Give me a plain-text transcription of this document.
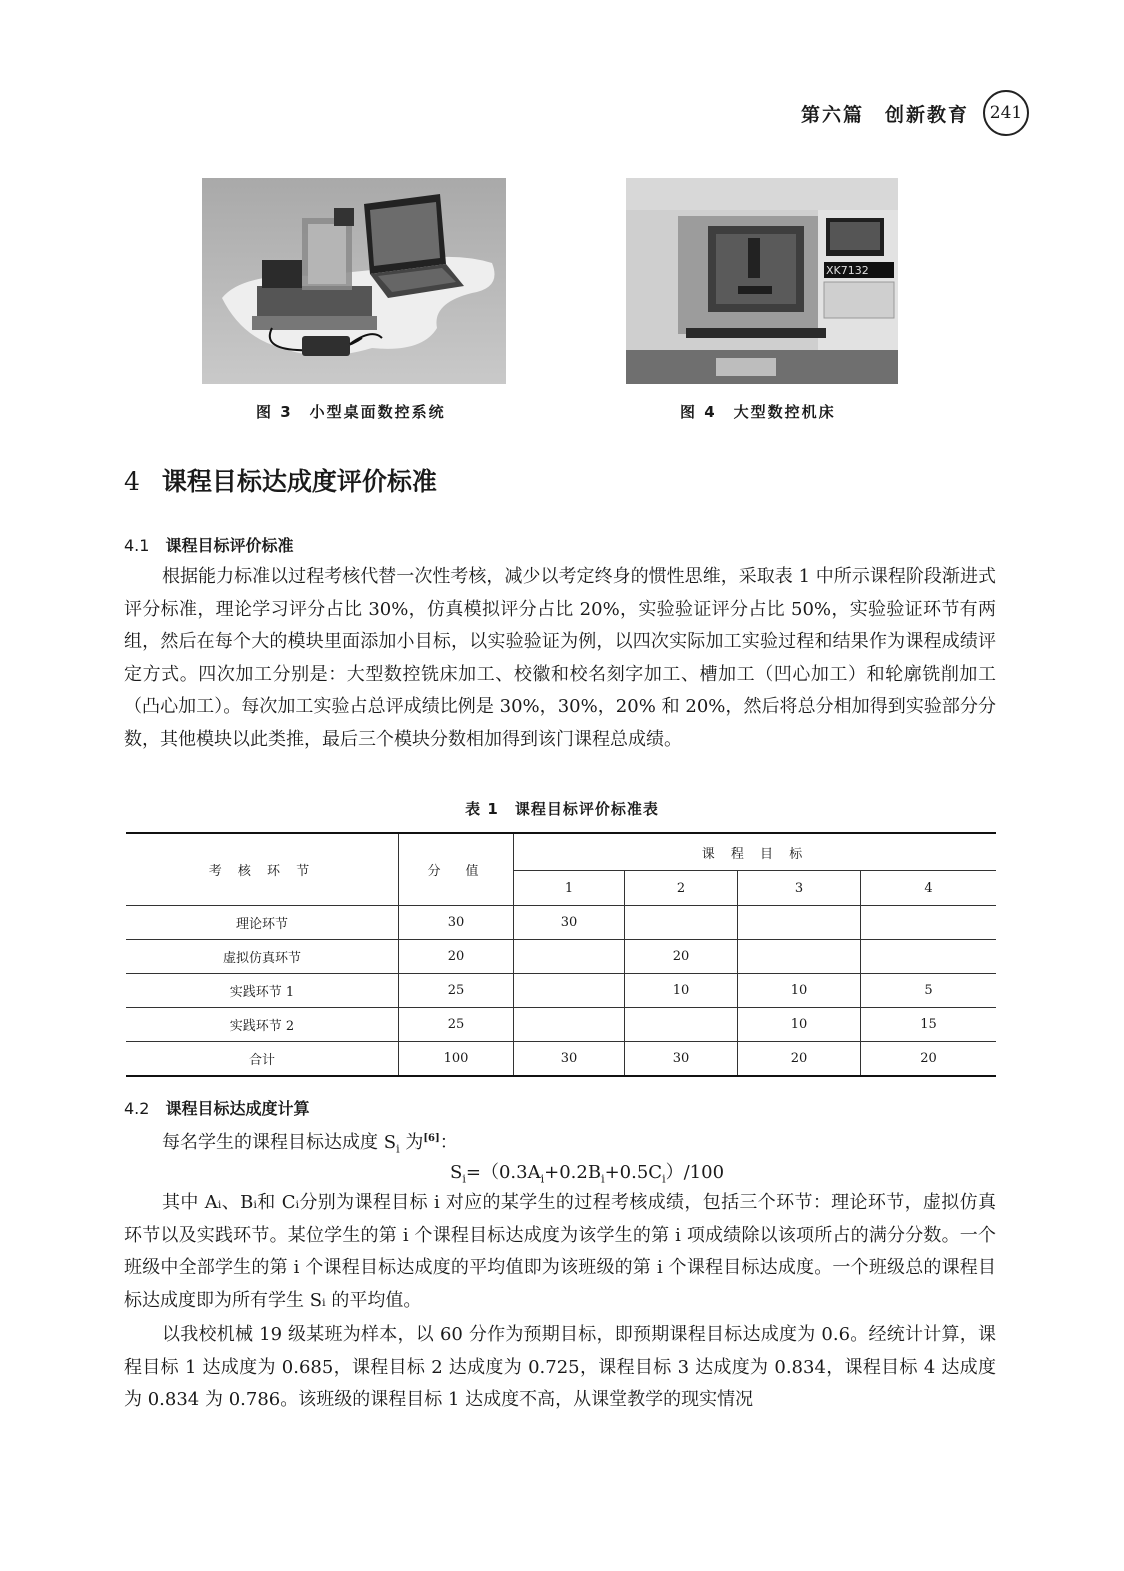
第六篇　创新教育	241
XK7132
图 3　小型桌面数控系统	图 4　大型数控机床
4 课程目标达成度评价标准
4.1 课程目标评价标准
根据能力标准以过程考核代替一次性考核，减少以考定终身的惯性思维，采取表 1 中所示课程阶段渐进式评分标准，理论学习评分占比 30%，仿真模拟评分占比 20%，实验验证评分占比 50%，实验验证环节有两组，然后在每个大的模块里面添加小目标，以实验验证为例，以四次实际加工实验过程和结果作为课程成绩评定方式。四次加工分别是：大型数控铣床加工、校徽和校名刻字加工、槽加工（凹心加工）和轮廓铣削加工（凸心加工）。每次加工实验占总评成绩比例是 30%，30%，20% 和 20%，然后将总分相加得到实验部分分数，其他模块以此类推，最后三个模块分数相加得到该门课程总成绩。
表 1　课程目标评价标准表
考 核 环 节	分　值	课 程 目 标			
		1	2	3	4
理论环节	30	30			
虚拟仿真环节	20		20		
实践环节 1	25		10	10	5
实践环节 2	25			10	15
合计	100	30	30	20	20
4.2 课程目标达成度计算
每名学生的课程目标达成度 $S_i$ 为[6]：
$S_i=(0.3A_i+0.2B_i+0.5C_i)/100$
其中 Aᵢ、Bᵢ和 Cᵢ分别为课程目标 i 对应的某学生的过程考核成绩，包括三个环节：理论环节，虚拟仿真环节以及实践环节。某位学生的第 i 个课程目标达成度为该学生的第 i 项成绩除以该项所占的满分分数。一个班级中全部学生的第 i 个课程目标达成度的平均值即为该班级的第 i 个课程目标达成度。一个班级总的课程目标达成度即为所有学生 Sᵢ 的平均值。
以我校机械 19 级某班为样本，以 60 分作为预期目标，即预期课程目标达成度为 0.6。经统计计算，课程目标 1 达成度为 0.685，课程目标 2 达成度为 0.725，课程目标 3 达成度为 0.834，课程目标 4 达成度为 0.834 为 0.786。该班级的课程目标 1 达成度不高，从课堂教学的现实情况
